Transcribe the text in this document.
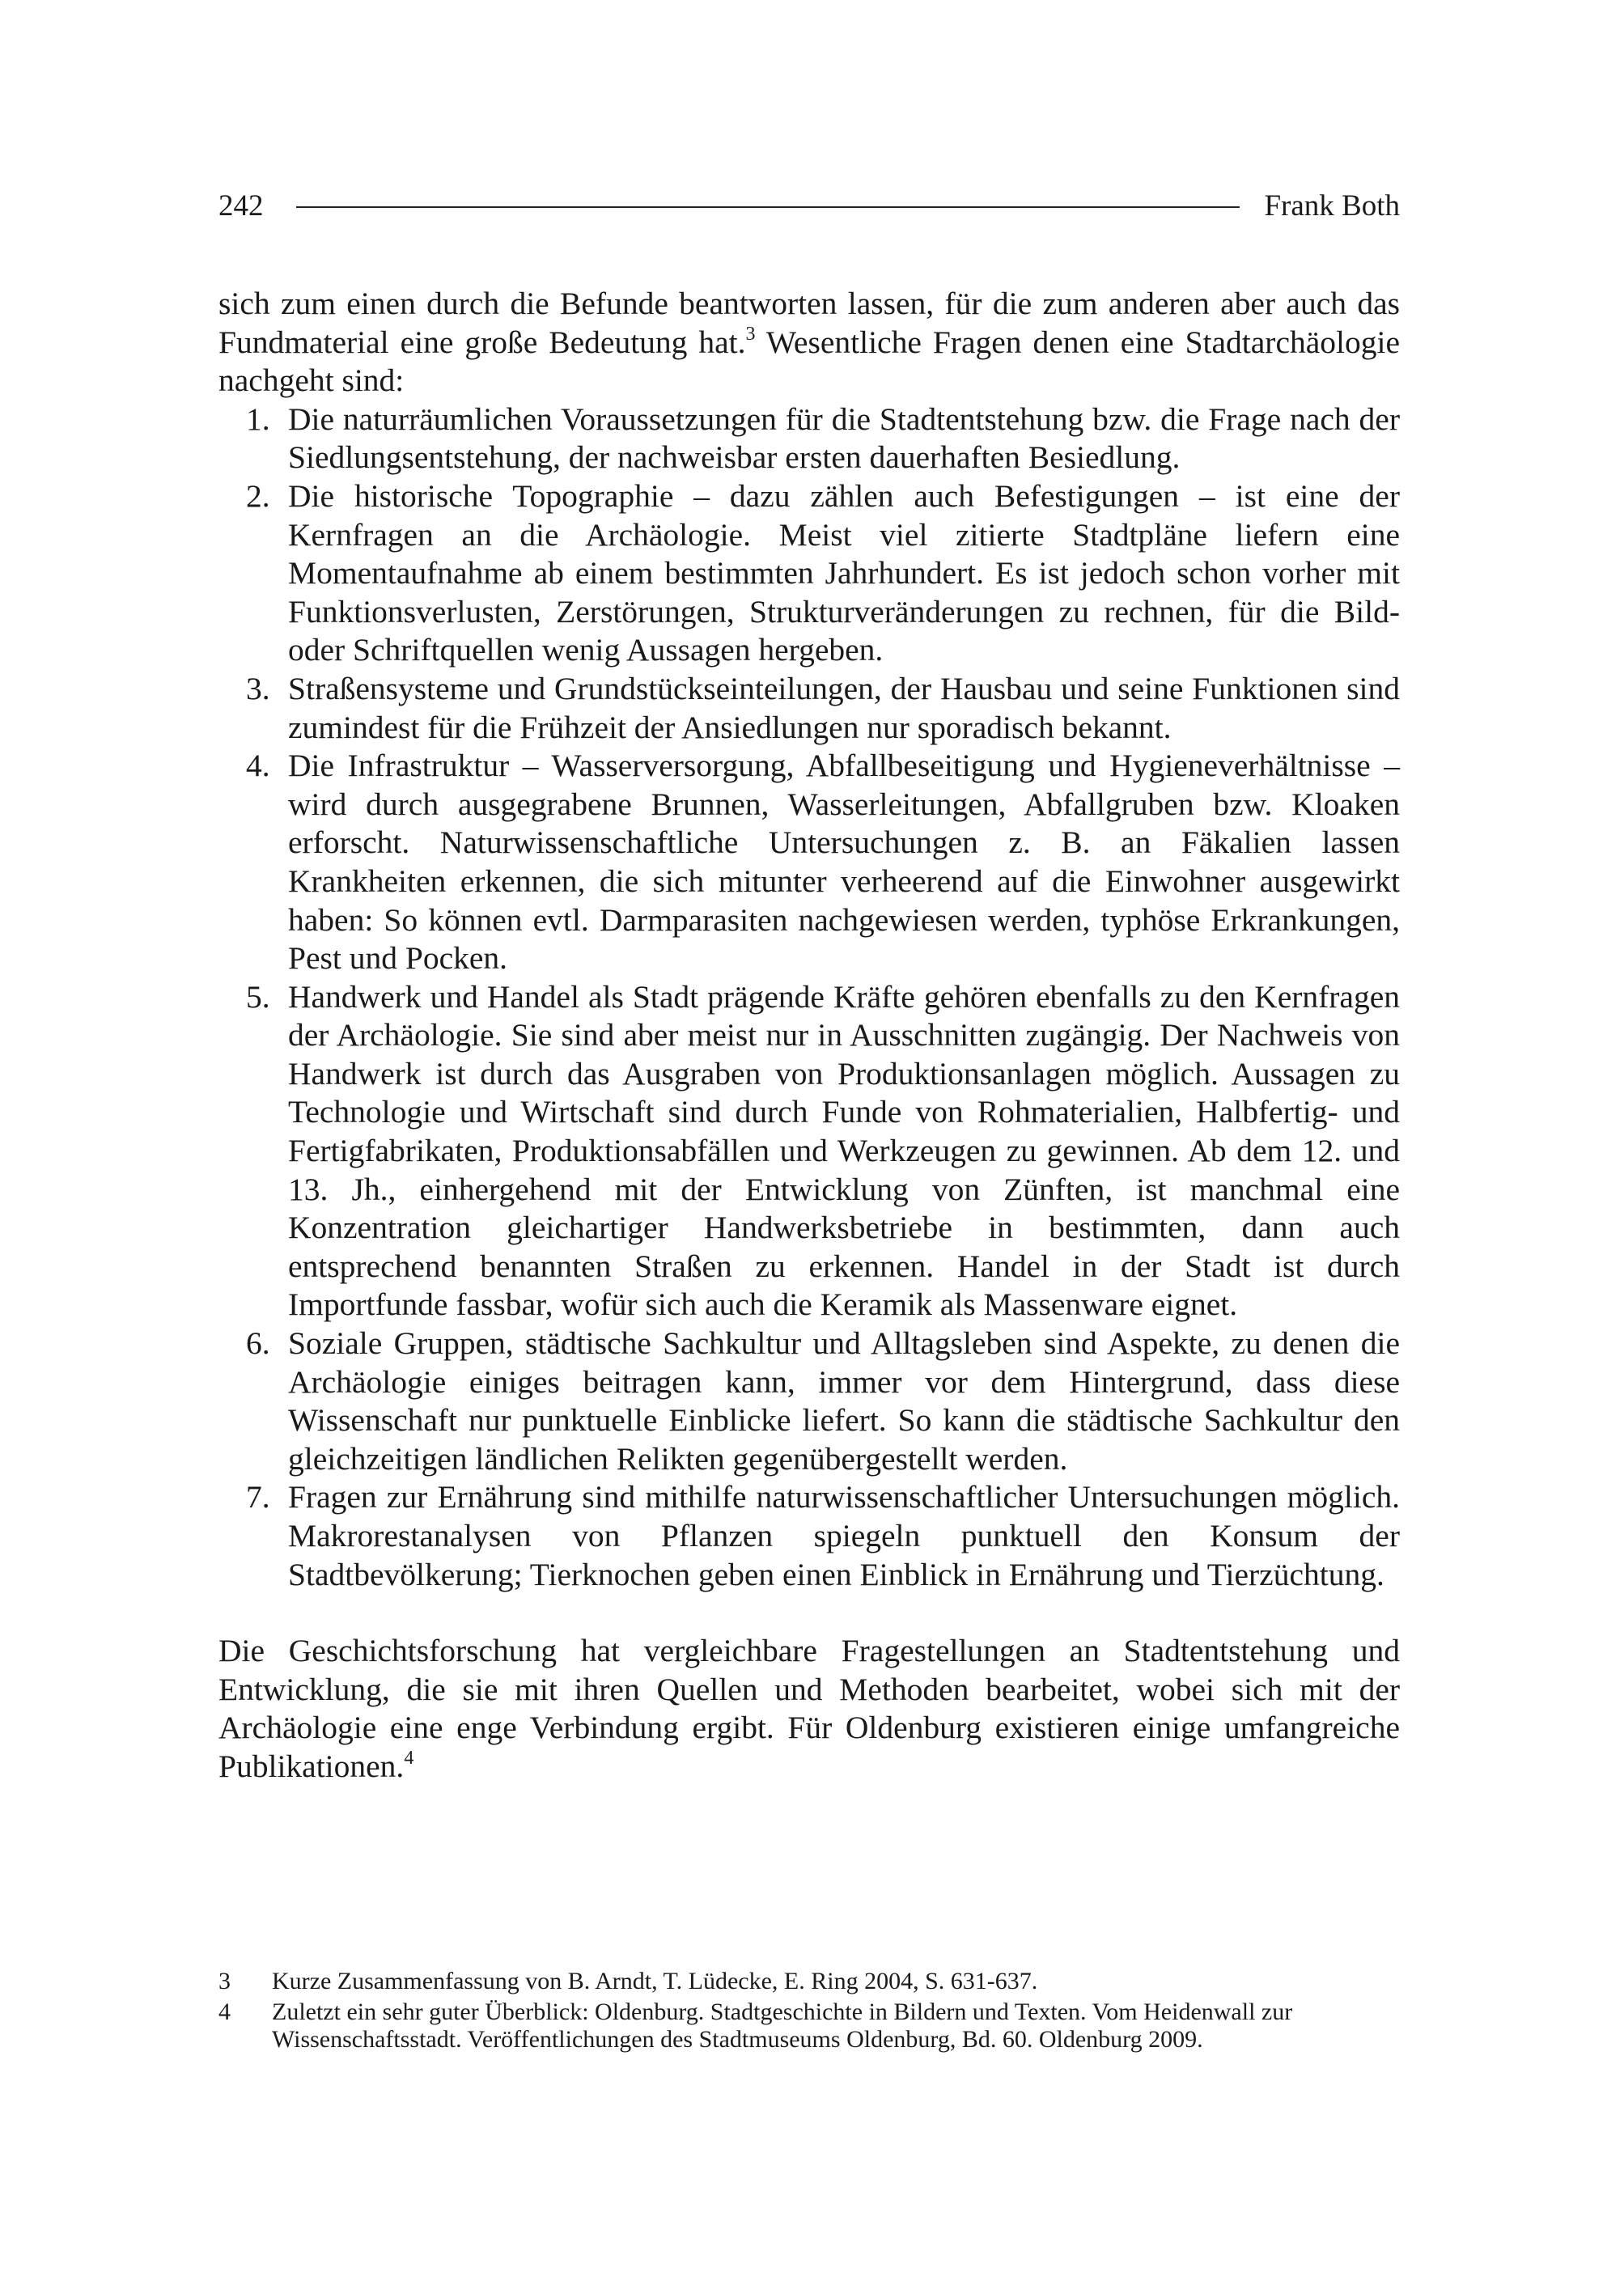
242	Frank Both

sich zum einen durch die Befunde beantworten lassen, für die zum anderen aber auch das Fundmaterial eine große Bedeutung hat.$^3$ Wesentliche Fragen denen eine Stadtarchäologie nachgeht sind:

1. Die naturräumlichen Voraussetzungen für die Stadtentstehung bzw. die Frage nach der Siedlungsentstehung, der nachweisbar ersten dauerhaften Besiedlung.
2. Die historische Topographie – dazu zählen auch Befestigungen – ist eine der Kernfragen an die Archäologie. Meist viel zitierte Stadtpläne liefern eine Momentaufnahme ab einem bestimmten Jahrhundert. Es ist jedoch schon vorher mit Funktionsverlusten, Zerstörungen, Strukturveränderungen zu rechnen, für die Bild- oder Schriftquellen wenig Aussagen hergeben.
3. Straßensysteme und Grundstückseinteilungen, der Hausbau und seine Funktionen sind zumindest für die Frühzeit der Ansiedlungen nur sporadisch bekannt.
4. Die Infrastruktur – Wasserversorgung, Abfallbeseitigung und Hygieneverhältnisse – wird durch ausgegrabene Brunnen, Wasserleitungen, Abfallgruben bzw. Kloaken erforscht. Naturwissenschaftliche Untersuchungen z. B. an Fäkalien lassen Krankheiten erkennen, die sich mitunter verheerend auf die Einwohner ausgewirkt haben: So können evtl. Darmparasiten nachgewiesen werden, typhöse Erkrankungen, Pest und Pocken.
5. Handwerk und Handel als Stadt prägende Kräfte gehören ebenfalls zu den Kernfragen der Archäologie. Sie sind aber meist nur in Ausschnitten zugängig. Der Nachweis von Handwerk ist durch das Ausgraben von Produktionsanlagen möglich. Aussagen zu Technologie und Wirtschaft sind durch Funde von Rohmaterialien, Halbfertig- und Fertigfabrikaten, Produktionsabfällen und Werkzeugen zu gewinnen. Ab dem 12. und 13. Jh., einhergehend mit der Entwicklung von Zünften, ist manchmal eine Konzentration gleichartiger Handwerksbetriebe in bestimmten, dann auch entsprechend benannten Straßen zu erkennen. Handel in der Stadt ist durch Importfunde fassbar, wofür sich auch die Keramik als Massenware eignet.
6. Soziale Gruppen, städtische Sachkultur und Alltagsleben sind Aspekte, zu denen die Archäologie einiges beitragen kann, immer vor dem Hintergrund, dass diese Wissenschaft nur punktuelle Einblicke liefert. So kann die städtische Sachkultur den gleichzeitigen ländlichen Relikten gegenübergestellt werden.
7. Fragen zur Ernährung sind mithilfe naturwissenschaftlicher Untersuchungen möglich. Makrorestanalysen von Pflanzen spiegeln punktuell den Konsum der Stadtbevölkerung; Tierknochen geben einen Einblick in Ernährung und Tierzüchtung.

Die Geschichtsforschung hat vergleichbare Fragestellungen an Stadtentstehung und Entwicklung, die sie mit ihren Quellen und Methoden bearbeitet, wobei sich mit der Archäologie eine enge Verbindung ergibt. Für Oldenburg existieren einige umfangreiche Publikationen.$^4$

3 Kurze Zusammenfassung von B. Arndt, T. Lüdecke, E. Ring 2004, S. 631-637.
4 Zuletzt ein sehr guter Überblick: Oldenburg. Stadtgeschichte in Bildern und Texten. Vom Heidenwall zur Wissenschaftsstadt. Veröffentlichungen des Stadtmuseums Oldenburg, Bd. 60. Oldenburg 2009.
